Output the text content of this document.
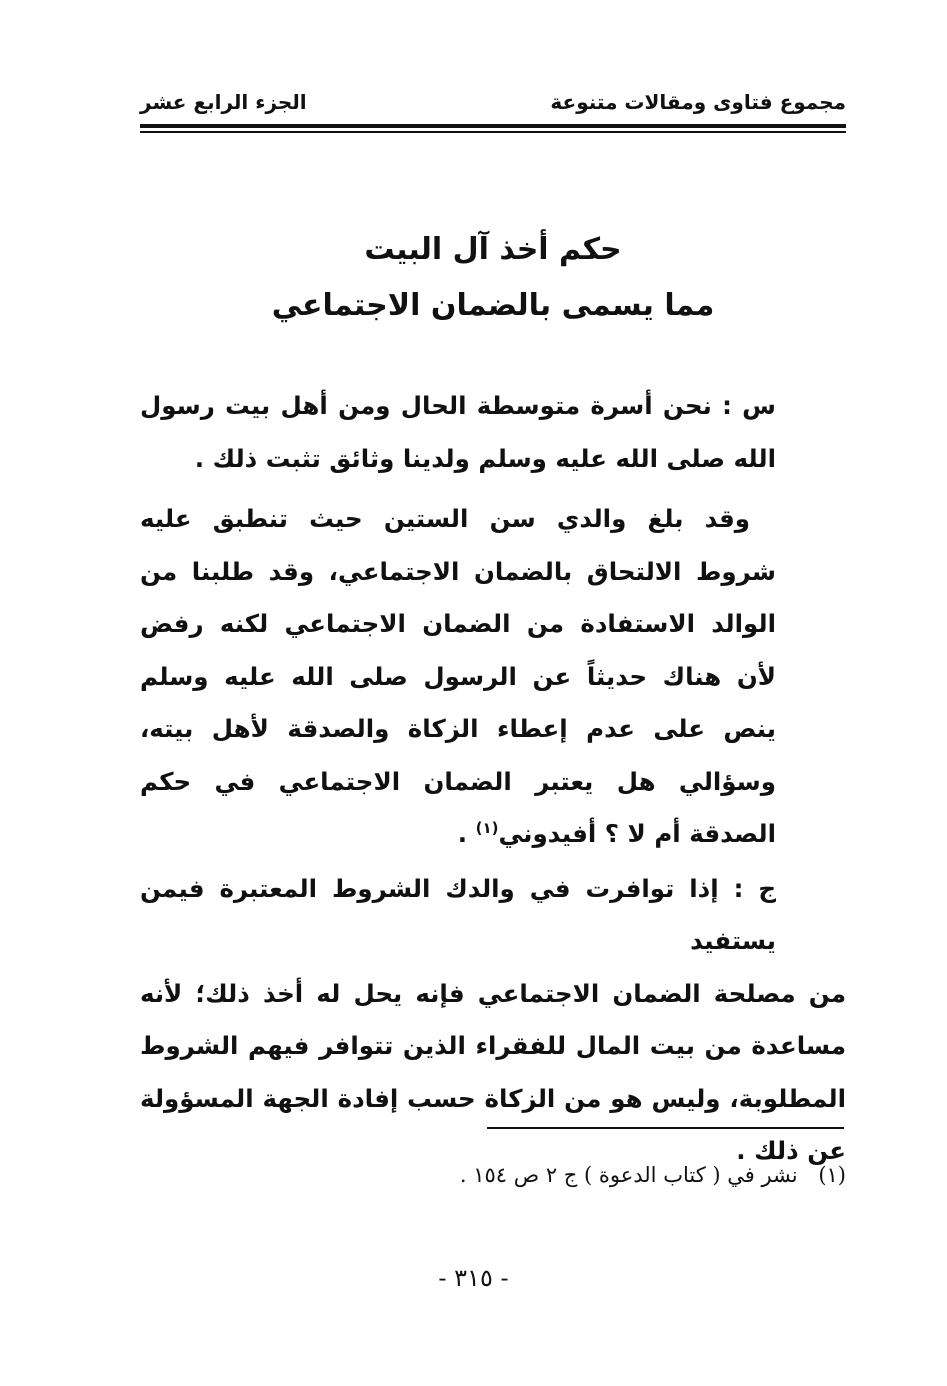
مجموع فتاوى ومقالات متنوعة
الجزء الرابع عشر
حكم أخذ آل البيت
مما يسمى بالضمان الاجتماعي

س : نحن أسرة متوسطة الحال ومن أهل بيت رسول الله صلى الله عليه وسلم ولدينا وثائق تثبت ذلك .

وقد بلغ والدي سن الستين حيث تنطبق عليه شروط الالتحاق بالضمان الاجتماعي، وقد طلبنا من الوالد الاستفادة من الضمان الاجتماعي لكنه رفض لأن هناك حديثاً عن الرسول صلى الله عليه وسلم ينص على عدم إعطاء الزكاة والصدقة لأهل بيته، وسؤالي هل يعتبر الضمان الاجتماعي في حكم الصدقة أم لا ؟ أفيدوني$^{(١)}$ .

ج : إذا توافرت في والدك الشروط المعتبرة فيمن يستفيد

من مصلحة الضمان الاجتماعي فإنه يحل له أخذ ذلك؛ لأنه مساعدة من بيت المال للفقراء الذين تتوافر فيهم الشروط المطلوبة، وليس هو من الزكاة حسب إفادة الجهة المسؤولة عن ذلك .

(١) نشر في ( كتاب الدعوة ) ج ٢ ص ١٥٤ .
- ٣١٥ -
